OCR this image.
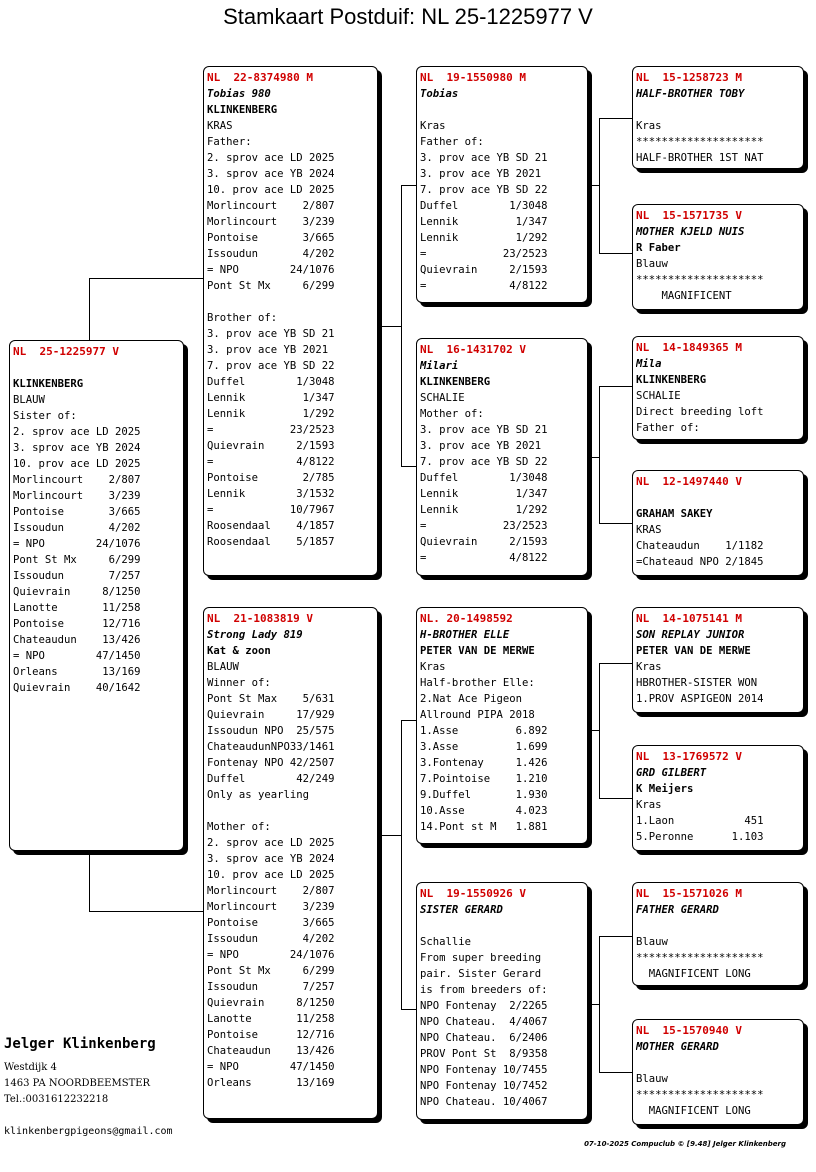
Stamkaart Postduif: NL 25-1225977 V
NL  25-1225977 V
KLINKENBERG
BLAUW
Sister of:
2. sprov ace LD 2025
3. sprov ace YB 2024
10. prov ace LD 2025
Morlincourt    2/807
Morlincourt    3/239
Pontoise       3/665
Issoudun       4/202
= NPO        24/1076
Pont St Mx     6/299
Issoudun       7/257
Quievrain     8/1250
Lanotte       11/258
Pontoise      12/716
Chateaudun    13/426
= NPO        47/1450
Orleans       13/169
Quievrain    40/1642
NL  22-8374980 M
Tobias 980
KLINKENBERG
KRAS
Father:
2. sprov ace LD 2025
3. sprov ace YB 2024
10. prov ace LD 2025
Morlincourt    2/807
Morlincourt    3/239
Pontoise       3/665
Issoudun       4/202
= NPO        24/1076
Pont St Mx     6/299
Brother of:
3. prov ace YB SD 21
3. prov ace YB 2021
7. prov ace YB SD 22
Duffel        1/3048
Lennik         1/347
Lennik         1/292
=            23/2523
Quievrain     2/1593
=             4/8122
Pontoise       2/785
Lennik        3/1532
=            10/7967
Roosendaal    4/1857
Roosendaal    5/1857
NL  21-1083819 V
Strong Lady 819
Kat & zoon
BLAUW
Winner of:
Pont St Max    5/631
Quievrain     17/929
Issoudun NPO  25/575
ChateaudunNPO33/1461
Fontenay NPO 42/2507
Duffel        42/249
Only as yearling
Mother of:
2. sprov ace LD 2025
3. sprov ace YB 2024
10. prov ace LD 2025
Morlincourt    2/807
Morlincourt    3/239
Pontoise       3/665
Issoudun       4/202
= NPO        24/1076
Pont St Mx     6/299
Issoudun       7/257
Quievrain     8/1250
Lanotte       11/258
Pontoise      12/716
Chateaudun    13/426
= NPO        47/1450
Orleans       13/169
NL  19-1550980 M
Tobias
Kras
Father of:
3. prov ace YB SD 21
3. prov ace YB 2021
7. prov ace YB SD 22
Duffel        1/3048
Lennik         1/347
Lennik         1/292
=            23/2523
Quievrain     2/1593
=             4/8122
NL  16-1431702 V
Milari
KLINKENBERG
SCHALIE
Mother of:
3. prov ace YB SD 21
3. prov ace YB 2021
7. prov ace YB SD 22
Duffel        1/3048
Lennik         1/347
Lennik         1/292
=            23/2523
Quievrain     2/1593
=             4/8122
NL. 20-1498592
H-BROTHER ELLE
PETER VAN DE MERWE
Kras
Half-brother Elle:
2.Nat Ace Pigeon
Allround PIPA 2018
1.Asse         6.892
3.Asse         1.699
3.Fontenay     1.426
7.Pointoise    1.210
9.Duffel       1.930
10.Asse        4.023
14.Pont st M   1.881
NL  19-1550926 V
SISTER GERARD
Schallie
From super breeding
pair. Sister Gerard
is from breeders of:
NPO Fontenay  2/2265
NPO Chateau.  4/4067
NPO Chateau.  6/2406
PROV Pont St  8/9358
NPO Fontenay 10/7455
NPO Fontenay 10/7452
NPO Chateau. 10/4067
NL  15-1258723 M
HALF-BROTHER TOBY
Kras
********************
HALF-BROTHER 1ST NAT
NL  15-1571735 V
MOTHER KJELD NUIS
R Faber
Blauw
********************
MAGNIFICENT
NL  14-1849365 M
Mila
KLINKENBERG
SCHALIE
Direct breeding loft
Father of:
NL  12-1497440 V
GRAHAM SAKEY
KRAS
Chateaudun    1/1182
=Chateaud NPO 2/1845
NL  14-1075141 M
SON REPLAY JUNIOR
PETER VAN DE MERWE
Kras
HBROTHER-SISTER WON
1.PROV ASPIGEON 2014
NL  13-1769572 V
GRD GILBERT
K Meijers
Kras
1.Laon           451
5.Peronne      1.103
NL  15-1571026 M
FATHER GERARD
Blauw
********************
MAGNIFICENT LONG
NL  15-1570940 V
MOTHER GERARD
Blauw
********************
MAGNIFICENT LONG
Jelger Klinkenberg
Westdijk 4
1463 PA NOORDBEEMSTER
Tel.:0031612232218
klinkenbergpigeons@gmail.com
07-10-2025 Compuclub © [9.48] Jelger Klinkenberg
